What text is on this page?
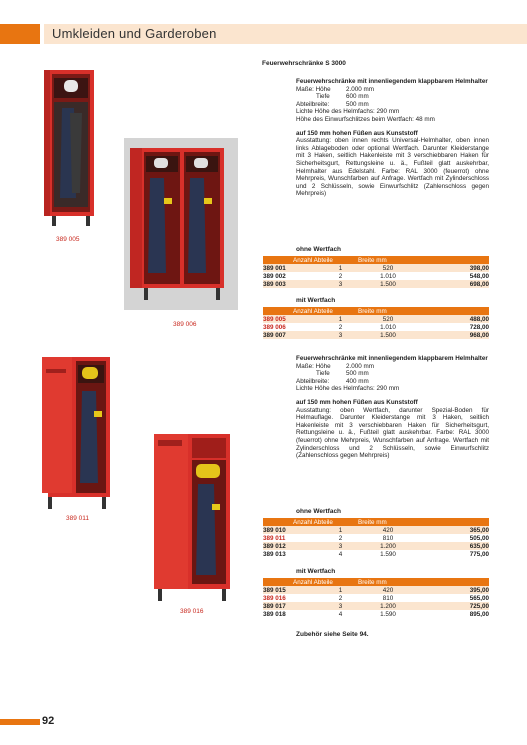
Umkleiden und Garderoben
Feuerwehrschränke S 3000
389 005
389 006
389 011
389 016
Feuerwehrschränke mit innenliegendem klappbarem Helmhalter
Maße: Höhe	2.000 mm
Tiefe	600 mm
Abteilbreite:	500 mm
Lichte Höhe des Helmfachs: 290 mm
Höhe des Einwurfschlitzes beim Wertfach: 48 mm
auf 150 mm hohen Füßen aus Kunststoff
Ausstattung: oben innen rechts Universal-Helmhalter, oben innen links Ablageboden oder optional Wertfach. Darunter Kleiderstange mit 3 Haken, seitlich Hakenleiste mit 3 verschiebbaren Haken für Sicherheitsgurt, Rettungsleine u. ä., Fußteil glatt auskehrbar, Helmhalter aus Edelstahl. Farbe: RAL 3000 (feuerrot) ohne Mehrpreis, Wunschfarben auf Anfrage. Wertfach mit Zylinderschloss und 2 Schlüsseln, sowie Einwurfschlitz (Zahlenschloss gegen Mehrpreis)
ohne Wertfach
Anzahl Abteile		Breite mm	
389 001	1	520	398,00
389 002	2	1.010	548,00
389 003	3	1.500	698,00
mit Wertfach
Anzahl Abteile		Breite mm	
389 005	1	520	488,00
389 006	2	1.010	728,00
389 007	3	1.500	968,00
Feuerwehrschränke mit innenliegendem klappbarem Helmhalter
Maße: Höhe	2.000 mm
Tiefe	500 mm
Abteilbreite:	400 mm
Lichte Höhe des Helmfachs: 290 mm
auf 150 mm hohen Füßen aus Kunststoff
Ausstattung: oben Wertfach, darunter Spezial-Boden für Helmauflage. Darunter Kleiderstange mit 3 Haken, seitlich Hakenleiste mit 3 verschiebbaren Haken für Sicherheitsgurt, Rettungsleine u. ä., Fußteil glatt auskehrbar. Farbe: RAL 3000 (feuerrot) ohne Mehrpreis, Wunschfarben auf Anfrage. Wertfach mit Zylinderschloss und 2 Schlüsseln, sowie Einwurfschlitz (Zahlenschloss gegen Mehrpreis)
ohne Wertfach
Anzahl Abteile		Breite mm	
389 010	1	420	365,00
389 011	2	810	505,00
389 012	3	1.200	635,00
389 013	4	1.590	775,00
mit Wertfach
Anzahl Abteile		Breite mm	
389 015	1	420	395,00
389 016	2	810	565,00
389 017	3	1.200	725,00
389 018	4	1.590	895,00
Zubehör siehe Seite 94.
92
